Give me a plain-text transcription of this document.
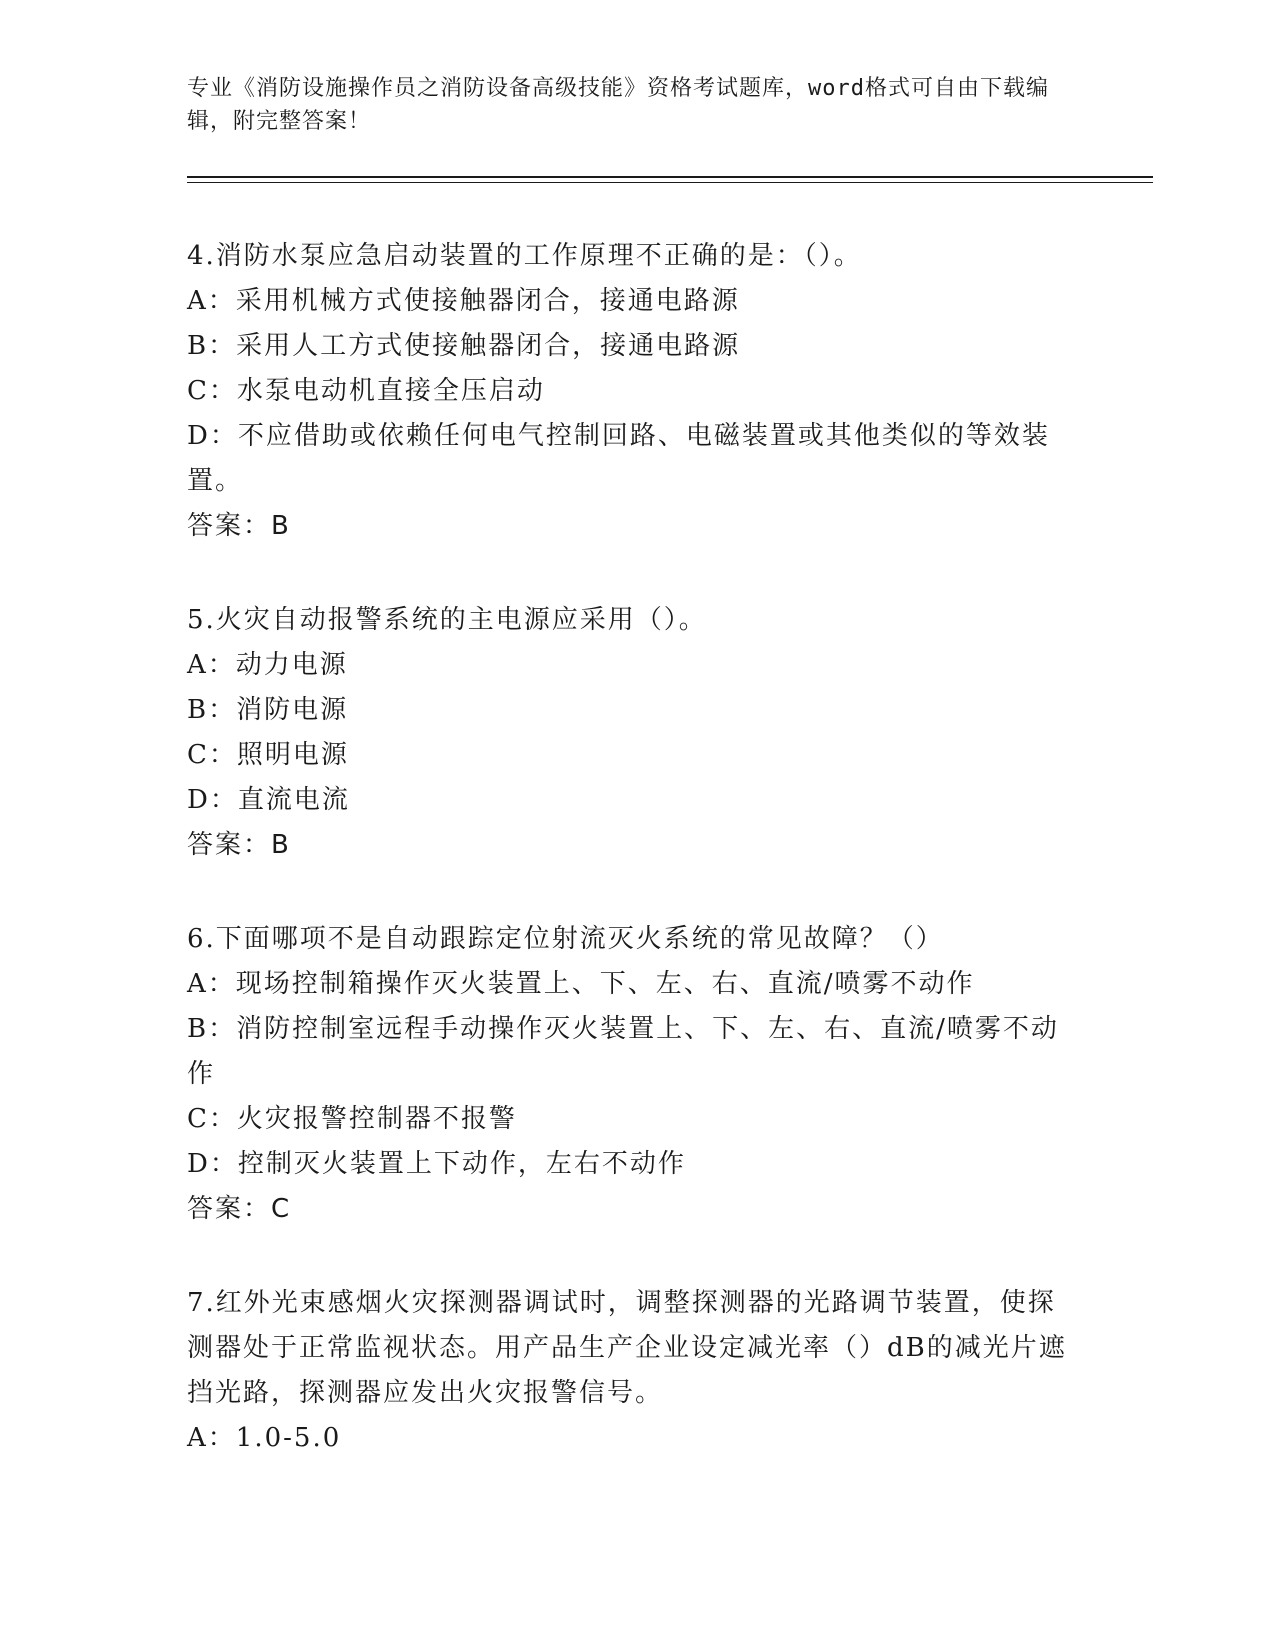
专业《消防设施操作员之消防设备高级技能》资格考试题库，word格式可自由下载编辑，附完整答案！

4.消防水泵应急启动装置的工作原理不正确的是：（）。

A：采用机械方式使接触器闭合，接通电路源

B：采用人工方式使接触器闭合，接通电路源

C：水泵电动机直接全压启动

D：不应借助或依赖任何电气控制回路、电磁装置或其他类似的等效装置。

答案：B

5.火灾自动报警系统的主电源应采用（）。

A：动力电源

B：消防电源

C：照明电源

D：直流电流

答案：B

6.下面哪项不是自动跟踪定位射流灭火系统的常见故障？（）

A：现场控制箱操作灭火装置上、下、左、右、直流/喷雾不动作

B：消防控制室远程手动操作灭火装置上、下、左、右、直流/喷雾不动作

C：火灾报警控制器不报警

D：控制灭火装置上下动作，左右不动作

答案：C

7.红外光束感烟火灾探测器调试时，调整探测器的光路调节装置，使探测器处于正常监视状态。用产品生产企业设定减光率（）dB的减光片遮挡光路，探测器应发出火灾报警信号。

A：1.0-5.0
